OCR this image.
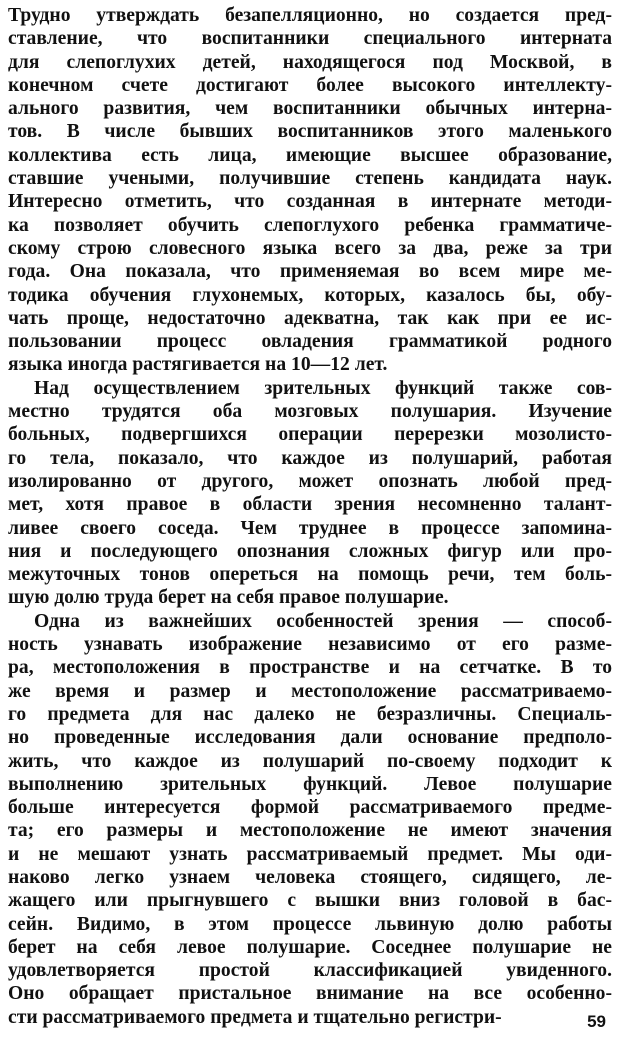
Трудно утверждать безапелляционно, но создается пред-
ставление, что воспитанники специального интерната
для слепоглухих детей, находящегося под Москвой, в
конечном счете достигают более высокого интеллекту-
ального развития, чем воспитанники обычных интерна-
тов. В числе бывших воспитанников этого маленького
коллектива есть лица, имеющие высшее образование,
ставшие учеными, получившие степень кандидата наук.
Интересно отметить, что созданная в интернате методи-
ка позволяет обучить слепоглухого ребенка грамматиче-
скому строю словесного языка всего за два, реже за три
года. Она показала, что применяемая во всем мире ме-
тодика обучения глухонемых, которых, казалось бы, обу-
чать проще, недостаточно адекватна, так как при ее ис-
пользовании процесс овладения грамматикой родного
языка иногда растягивается на 10—12 лет.
Над осуществлением зрительных функций также сов-
местно трудятся оба мозговых полушария. Изучение
больных, подвергшихся операции перерезки мозолисто-
го тела, показало, что каждое из полушарий, работая
изолированно от другого, может опознать любой пред-
мет, хотя правое в области зрения несомненно талант-
ливее своего соседа. Чем труднее в процессе запомина-
ния и последующего опознания сложных фигур или про-
межуточных тонов опереться на помощь речи, тем боль-
шую долю труда берет на себя правое полушарие.
Одна из важнейших особенностей зрения — способ-
ность узнавать изображение независимо от его разме-
ра, местоположения в пространстве и на сетчатке. В то
же время и размер и местоположение рассматриваемо-
го предмета для нас далеко не безразличны. Специаль-
но проведенные исследования дали основание предполо-
жить, что каждое из полушарий по-своему подходит к
выполнению зрительных функций. Левое полушарие
больше интересуется формой рассматриваемого предме-
та; его размеры и местоположение не имеют значения
и не мешают узнать рассматриваемый предмет. Мы оди-
наково легко узнаем человека стоящего, сидящего, ле-
жащего или прыгнувшего с вышки вниз головой в бас-
сейн. Видимо, в этом процессе львиную долю работы
берет на себя левое полушарие. Соседнее полушарие не
удовлетворяется простой классификацией увиденного.
Оно обращает пристальное внимание на все особенно-
сти рассматриваемого предмета и тщательно регистри-	59
